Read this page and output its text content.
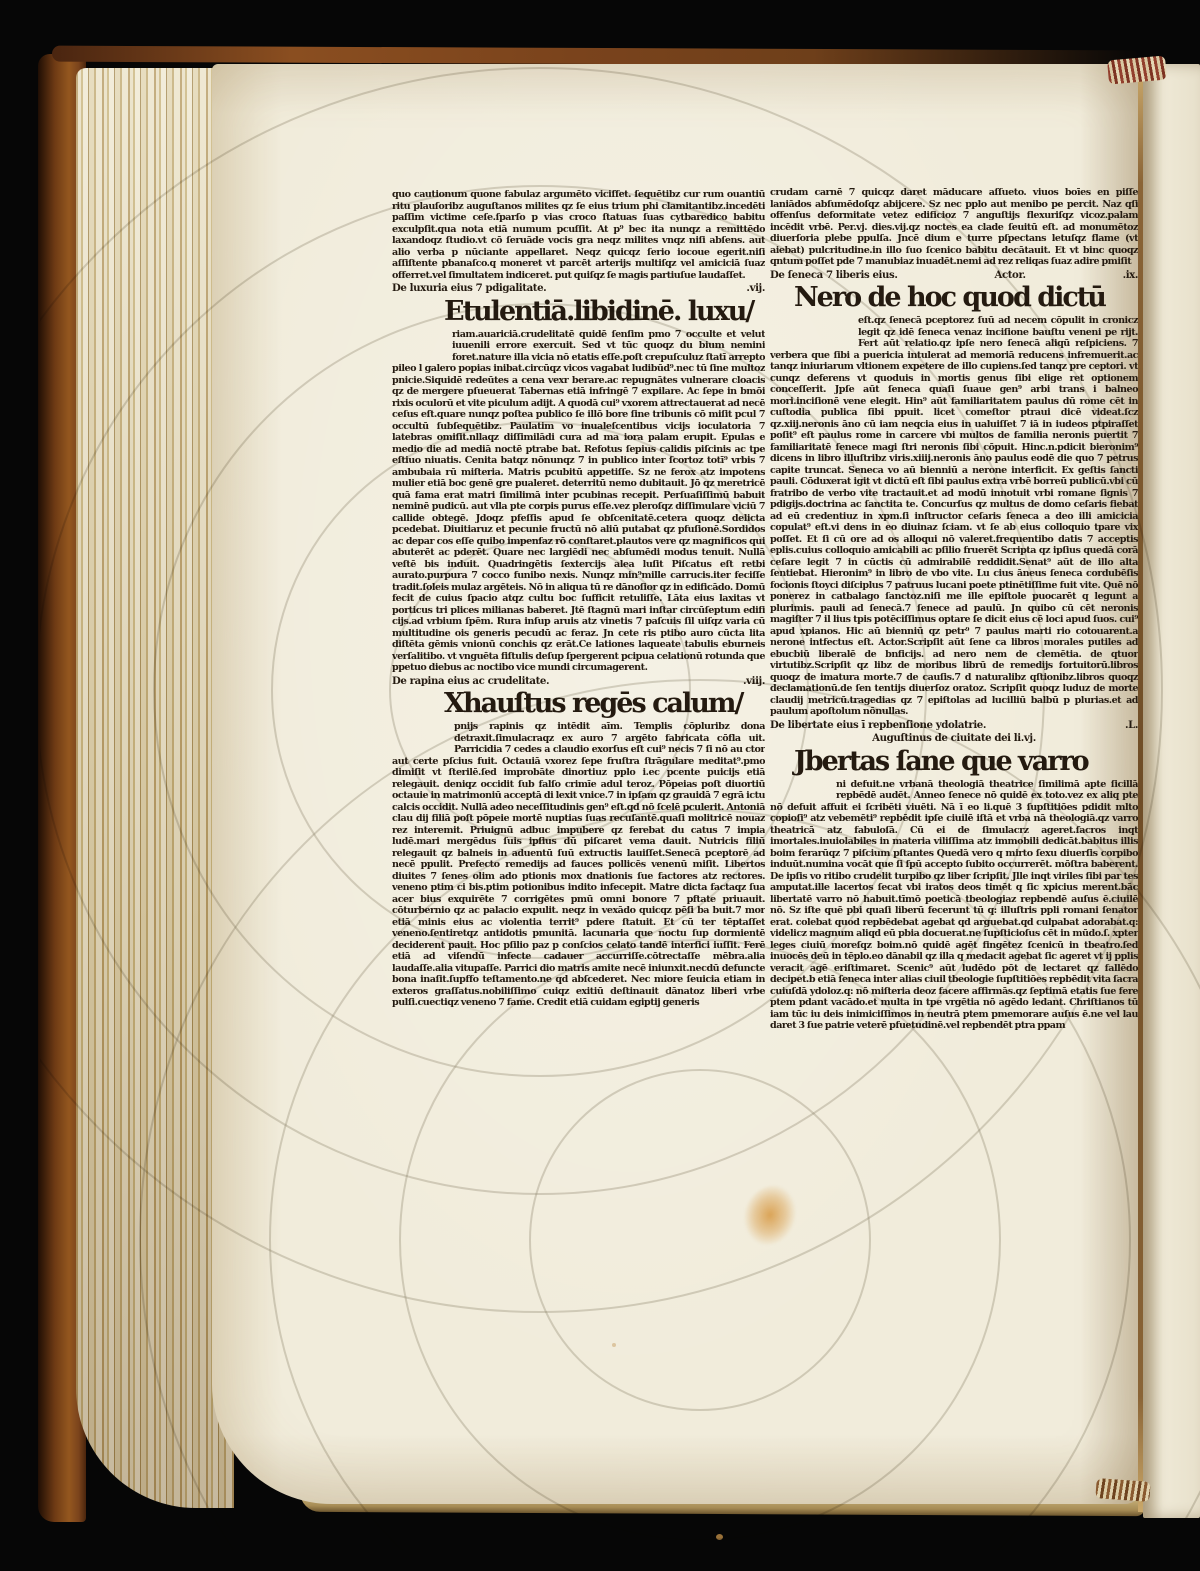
quo cautionum quone fabulaz argumēto viciſſet. ſequētibz cur rum ouantiū ritu plauſoribz auguſtanos milites qz ſe eius trium phi clamitantibz.incedēti paſſim victime ceſe.ſparſo p vias croco ſtatuas ſuas cytbaredico babitu exculpſit.qua nota etiā numum pcuſſit. At p⁹ bec ita nunqz a remittēdo laxandoqz ſtudio.vt cō ſeruāde vocis gra neqz milites vnqz niſi abſens. aut alio verba p nūciante appellaret. Neqz quicqz ſerio iocoue egerit.niſi aſſiſtente pbanaſco.q moneret vt parcēt arterijs multiſqz vel amiciciā ſuaz offerret.vel ſimultatem indiceret. put quiſqz ſe magis partiuſue laudaſſet.
De luxuria eius 7 pdigalitate.	.vij.
Etulentiā.libidinē. luxu/
riam.auariciā.crudelitatē quidē ſenſim pmo 7 occulte et velut iuuenili errore exercuit. Sed vt tūc quoqz du bium nemini foret.nature illa vicia nō etatis eſſe.poſt crepuſculuz ſtatī arrepto pileo l galero popias inibat.circūqz vicos vagabat ludibūd⁹.nec tū ſine multoz pnicie.Siquidē redeūtes a cena vexr berare.ac repugnātes vulnerare cloacis qz de mergere pſueuerat Tabernas etiā infringē 7 expilare. Ac ſepe in bmōi rixis oculorū et vite piculum adijt. A quodā cui⁹ vxorem attrectauerat ad necē ceſus eſt.quare nunqz poſtea publico ſe illō bore ſine tribunis cō miſit pcul 7 occultū ſubſequētibz. Paulatim vo inualeſcentibus vicijs ioculatoria 7 latebras omiſit.nllaqz diſſimilādi cura ad ma iora palam erupit. Epulas e medio die ad mediā noctē ptrabe bat. Refotus ſepius calidis piſcinis ac tpe eſtiuo niuatis. Cenita batqz nōnunqz 7 in publico inter ſcortoz totī⁹ vrbis 7 ambubaia rū miſteria. Matris pcubitū appetiſſe. Sz ne ferox atz impotens mulier etiā boc genē gre pualeret. deterritū nemo dubitauit. Jō qz meretricē quā fama erat matri ſimilimā inter pcubinas recepit. Perſuaſiſſimū babuit neminē pudicū. aut vlla pte corpis purus eſſe.vez pleroſqz diſſimulare viciū 7 callide obtegē. Jdoqz pfeſſis apud ſe obſcenitatē.cetera quoqz delicta pcedebat. Diuitiaruz et pecunie fructū nō aliū putabat qz pfuſionē.Sordidos ac depar cos eſſe quibo impenſaz rō conſtaret.plautos vere qz magnificos qui abuterēt ac pderēt. Quare nec largiēdi nec abſumēdi modus tenuit. Nullā veſtē bis induit. Quadringētis ſextercijs alea luſit Piſcatus eſt retbi aurato.purpura 7 cocco funibo nexis. Nunqz min⁹mille carrucis.iter feciſſe tradit.ſoleis mulaz argēteis. Nō in aliqua tū re dānoſior qz in edificādo. Domū fecit de cuius ſpacio atqz cultu boc ſufficit retuliſſe. Lāta eius laxitas vt porticus tri plices milianas baberet. Jtē ſtagnū mari inſtar circūſeptum edifi cijs.ad vrbium ſpēm. Rura inſup aruis atz vinetis 7 paſcuis ſil uiſqz varia cū multitudine ois generis pecudū ac feraz. Jn cete ris ptibo auro cūcta lita diſtēta gēmis vnionū conchis qz erāt.Ce lationes laqueate tabulis eburneis verſalitibo. vt vnguēta fiſtulis deſup ſpergerent pcipua celationū rotunda que ppetuo diebus ac noctibo vice mundi circumagerent.
De rapina eius ac crudelitate.	.viij.
Xhauſtus regēs calum/
pnijs rapinis qz intēdit aīm. Templis cōpluribz dona detraxit.ſimulacraqz ex auro 7 argēto fabricata cōfla uit. Parricidia 7 cedes a claudio exorſus eſt cui⁹ necis 7 ſi nō au ctor aut certe pſcius fuit. Octauiā vxorez ſepe fruſtra ſtrāgulare meditat⁹.pmo dimiſit vt ſterilē.ſed improbāte dinortiuz pplo i.ec pcente puicijs etiā relegauit. deniqz occidit ſub falſo crimīe adul teroz. Pōpeias poſt diuortiū octauie in matrimoniū acceptā di lexit vnice.7 in ipſam qz grauidā 7 egrā ictu calcis occidit. Nullā adeo neceſſitudinis gen⁹ eſt.qd nō ſcelē pculerit. Antoniā clau dij filiā poſt pōpeie mortē nuptias ſuas recuſantē.quaſi molitricē nouaz rez interemit. Priuignū adbuc impubere qz ferebat du catus 7 impia ludē.mari mergēdus ſuis ipſius dū piſcaret vema dauit. Nutricis filiū relegauit qz balneis in aduentū ſuū extructis lauiſſet.Senecā pceptorē ad necē ppulit. Prefecto remedijs ad fauces pollicēs venenū miſit. Libertos diuites 7 ſenes olim ado ptionis mox dnationis ſue factores atz rectores. veneno ptim ci bis.ptim potionibus indito infecepit. Matre dicta factaqz ſua acer bius exquirēte 7 corrigētes pmū omni bonore 7 pftate priuauit. cōturbernio qz ac palacio expulit. neqz in vexādo quicqz pēſi ba buit.7 mor etiā minis eius ac violentia territ⁹ pdere ſtatuit. Et cū ter tēptaſſet veneno.ſentiretqz antidotis pmunitā. lacunaria que noctu ſup dormientē deciderent pauit. Hoc pſilio paz p conſcios celato tandē interfici iuſſit. Ferē etiā ad viſendū infecte cadauer accurriſſe.cōtrectaſſe mēbra.alia laudaſſe.alia vitupaſſe. Parrici dio matris amite necē iniunxit.necdū defuncte bona inaſit.ſupffo teſtamento.ne qd abſcederet. Nec miore ſeuicia etiam in exteros graſſatus.nobiliſſimo cuiqz exitiū deſtinauit dānatoz liberi vrbe pulſi.cuectiqz veneno 7 fame. Credit etiā cuidam egiptij generis
crudam carnē 7 quicqz daret māducare aſſueto. viuos boīes en piſſe laniādos abſumēdoſqz abijcere. Sz nec pplo aut menibo pe percit. Naz qſi offenſus deformitate vetez edificioz 7 anguſtijs flexuriſqz vicoz.palam incēdit vrbē. Per.vj. dies.vij.qz noctes ea clade ſeuitū eſt. ad monumētoz diuerſoria plebe ppulſa. Jncē dium e turre pſpectans letuſqz flame (vt aiebat) pulcritudine.in illo ſuo ſcenico babitu decātauit. Et vt binc quoqz qntum poſſet pde 7 manubiaz inuadēt.nemi ad rez reliqas ſuaz adire pmiſit
De ſeneca 7 liberis eius.	Actor.	.ix.
Nero de hoc quod dictū
eſt.qz ſenecā pceptorez ſuū ad necem cōpulit in cronicz legit qz idē ſeneca venaz inciſione bauſtu veneni pe rijt. Fert aūt relatio.qz ipſe nero ſenecā aliqū reſpiciens. 7 verbera que ſibi a puericia intulerat ad memoriā reducens infremuerit.ac tanqz iniuriarum vltionem expetere de illo cupiens.ſed tanqz pre ceptori. vt cunqz deferens vt quoduis in mortis genus ſibi elige ret optionem conceſſerit. Jpſe aūt ſeneca quaſi ſuaue gen⁹ arbi trans i balneo mori.inciſionē vene elegit. Hin⁹ aūt familiaritatem paulus dū rome cēt in cuſtodia publica ſibi ppuit. licet comeſtor ptraui dicē videat.ſcz qz.xiij.neronis āno cū iam neqcia eius in ualuiſſet 7 iā in iudeos ptpiraſſet poſit⁹ eſt paulus rome in carcere vbi multos de familia neronis puertit 7 familiaritatē ſenece magi ſtri neronis ſibi cōpuit. Hinc.n.pdicit bieronim⁹ dicens in libro illuſtribz viris.xiiij.neronis āno paulus eodē die quo 7 petrus capite truncat. Seneca vo aū bienniū a nerone interficit. Ex geſtis ſancti pauli. Cōduxerat igit vt dictū eſt ſibi paulus extra vrbē borreū publicū.vbi cū fratribo de verbo vite tractauit.et ad modū innotuit vrbi romane ſignis 7 pdigijs.doctrina ac ſanctita te. Concurſus qz multus de domo ceſaris fiebat ad eū credentiuz in xpm.ſi inſtructor ceſaris ſeneca a deo illi amicicia copulat⁹ eſt.vi dens in eo diuinaz ſciam. vt ſe ab eius colloquio tpare vix poſſet. Et ſi cū ore ad os alloqui nō valeret.frequentibo datis 7 acceptis eplis.cuius colloquio amicabili ac pſilio fruerēt Scripta qz ipſius quedā corā ceſare legit 7 in cūctis cū admirabilē reddidit.Senat⁹ aūt de illo alta ſentiebat. Hieronim⁹ in libro de vbo vite. Lu cius āneus ſeneca cordubēſis focionis ſtoyci diſciplus 7 patruus lucani poete ptinētiſſime fuit vite. Quē nō ponerez in catbalago ſanctoz.niſi me ille epiſtole puocarēt q legunt a plurimis. pauli ad ſenecā.7 ſenece ad paulū. Jn quibo cū cēt neronis magiſter 7 il lius tpis potēciſſimus optare ſe dicit eius cē loci apud ſuos. cui⁹ apud xpianos. Hic aū bienniū qz petr⁹ 7 paulus marti rio cotouarent.a nerone intfectus eſt. Actor.Scripſit aūt ſene ca libros morales putiles ad ebucbiū liberalē de bnficijs. ad nero nem de clemētia. de qtuor virtutibz.Scripſit qz libz de moribus librū de remedijs fortuitorū.libros quoqz de imatura morte.7 de cauſis.7 d naturalibz qſtionibz.libros quoqz declamationū.de ſen tentijs diuerſoz oratoz. Scripſit quoqz luduz de morte claudij metricū.tragedias qz 7 epiſtolas ad lucilliū balbū p plurias.et ad paulum apoſtolum nōnullas.
De libertate eius ī repbenſione ydolatrie.	.L.
Auguſtinus de ciuitate dei li.vj.
Jbertas ſane que varro
ni defuit.ne vrbanā theologiā theatrice ſimilimā apte ſicillā repbēdē audēt. Anneo ſenece nō quidē ex toto.vez ex aliq pte nō defuit affuit ei ſcribēti viuēti. Nā ī eo li.quē 3 ſupſtitiōes pdidit mlto copioſi⁹ atz vebemēti⁹ repbēdit ipſe ciuilē iſtā et vrba nā theologiā.qz varro theatricā atz fabuloſā. Cū ei de ſimulacrz ageret.ſacros inqt imortales.inuiolabiles in materia viliſſima atz immobili dedicāt.babitus illis boim ferarūqz 7 piſcium pſtantes Quedā vero q mirto ſexu diuerſis corpibo induūt.numina vocāt que ſi ſpū accepto ſubito occurrerēt. mōſtra baberent. De ipſis vo ritibo crudelit turpibo qz liber ſcripſit. Jlle inqt viriles ſibi par tes amputat.ille lacertos ſecat vbi iratos deos timēt q ſic xpicius merent.bāc libertatē varro nō habuit.tīmō poeticā tbeologiaz repbendē auſus ē.ciuilē nō. Sz iſte quē pbi quaſi liberū fecerunt tū q: illuſtris ppli romani ſenator erat. colebat quod repbēdebat agebat qd arguebat.qd culpabat adorabat.q: videlicz magnum aliqd eū pbia docuerat.ne ſupſticioſus cēt in mūdo.ſ. xpter leges ciuiū moreſqz boim.nō quidē agēt fingētez ſcenicū in tbeatro.ſed inuocēs deū in tēplo.eo dānabil qz illa q medacit agebat ſic ageret vt ij pplis veracit agē eriſtimaret. Scenic⁹ aūt ludēdo pōt de lectaret qz fallēdo decipet.b etiā ſeneca inter alias ciuil tbeologie ſupſtitiōes repbēdit vita ſacra cuiuſdā ydoloz.q: nō miſteria deoz facere affirmās.qz ſeptimā etatis ſue fere ptem pdant vacādo.et multa in tpe vrgētia nō agēdo ledant. Chriſtianos tū iam tūc iu deis inimiciſſimos in neutrā ptem pmemorare auſus ē.ne vel lau daret 3 ſue patrie veterē pfuetudinē.vel repbendēt ptra ppam
